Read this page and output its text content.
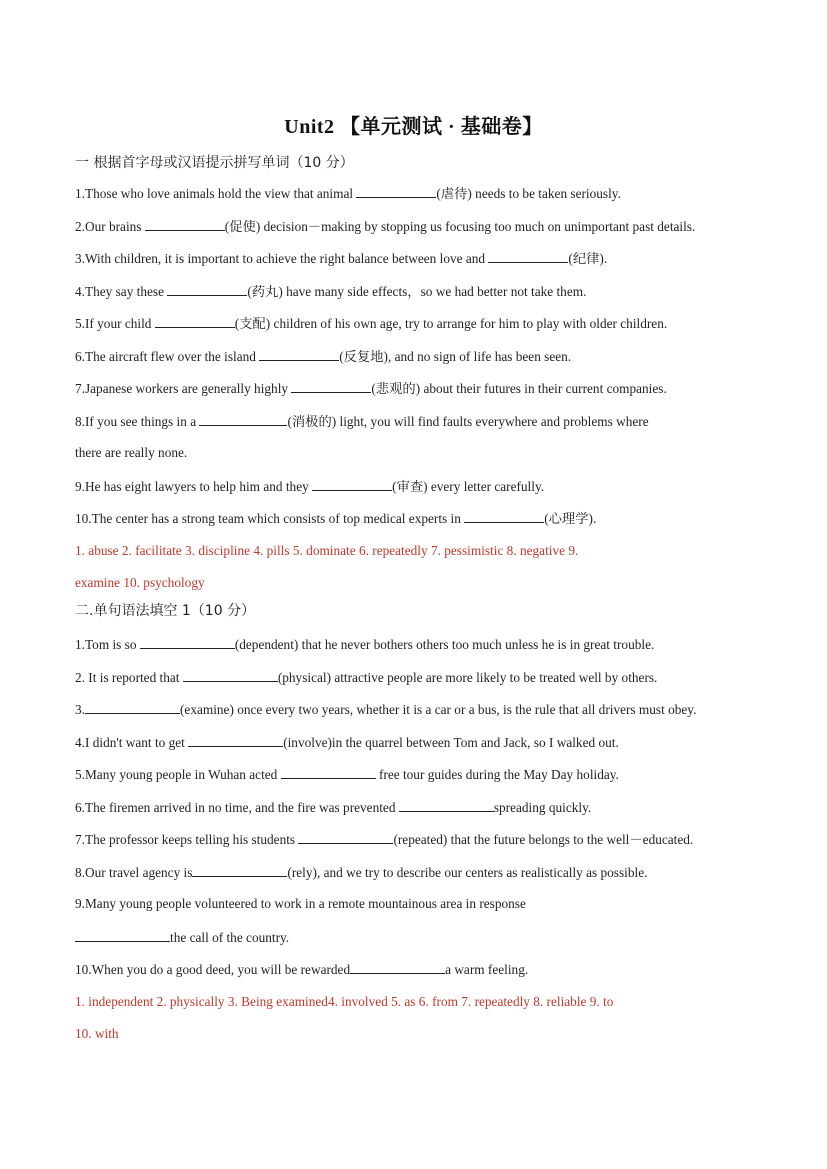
Unit2 【单元测试 · 基础卷】
一 根据首字母或汉语提示拼写单词（10 分）
1.Those who love animals hold the view that animal	(虐待) needs to be taken seriously.
2.Our brains	(促使) decision－making by stopping us focusing too much on unimportant past details.
3.With children, it is important to achieve the right balance between love and	(纪律).
4.They say these	(药丸) have many side effects，so we had better not take them.
5.If your child	(支配) children of his own age, try to arrange for him to play with older children.
6.The aircraft flew over the island	(反复地), and no sign of life has been seen.
7.Japanese workers are generally highly	(悲观的) about their futures in their current companies.
8.If you see things in a	(消极的) light, you will find faults everywhere and problems where
there are really none.
9.He has eight lawyers to help him and they	(审查) every letter carefully.
10.The center has a strong team which consists of top medical experts in	(心理学).
1. abuse 2. facilitate 3. discipline 4. pills 5. dominate 6. repeatedly 7. pessimistic 8. negative 9.
examine 10. psychology
二.单句语法填空 1（10 分）
1.Tom is so	(dependent) that he never bothers others too much unless he is in great trouble.
2. It is reported that	(physical) attractive people are more likely to be treated well by others.
3.	(examine) once every two years, whether it is a car or a bus, is the rule that all drivers must obey.
4.I didn't want to get	(involve)in the quarrel between Tom and Jack, so I walked out.
5.Many young people in Wuhan acted	free tour guides during the May Day holiday.
6.The firemen arrived in no time, and the fire was prevented	spreading quickly.
7.The professor keeps telling his students	(repeated) that the future belongs to the well－educated.
8.Our travel agency is	(rely), and we try to describe our centers as realistically as possible.
9.Many young people volunteered to work in a remote mountainous area in response
the call of the country.
10.When you do a good deed, you will be rewarded	a warm feeling.
1. independent 2. physically 3. Being examined4. involved 5. as 6. from 7. repeatedly 8. reliable 9. to
10. with
